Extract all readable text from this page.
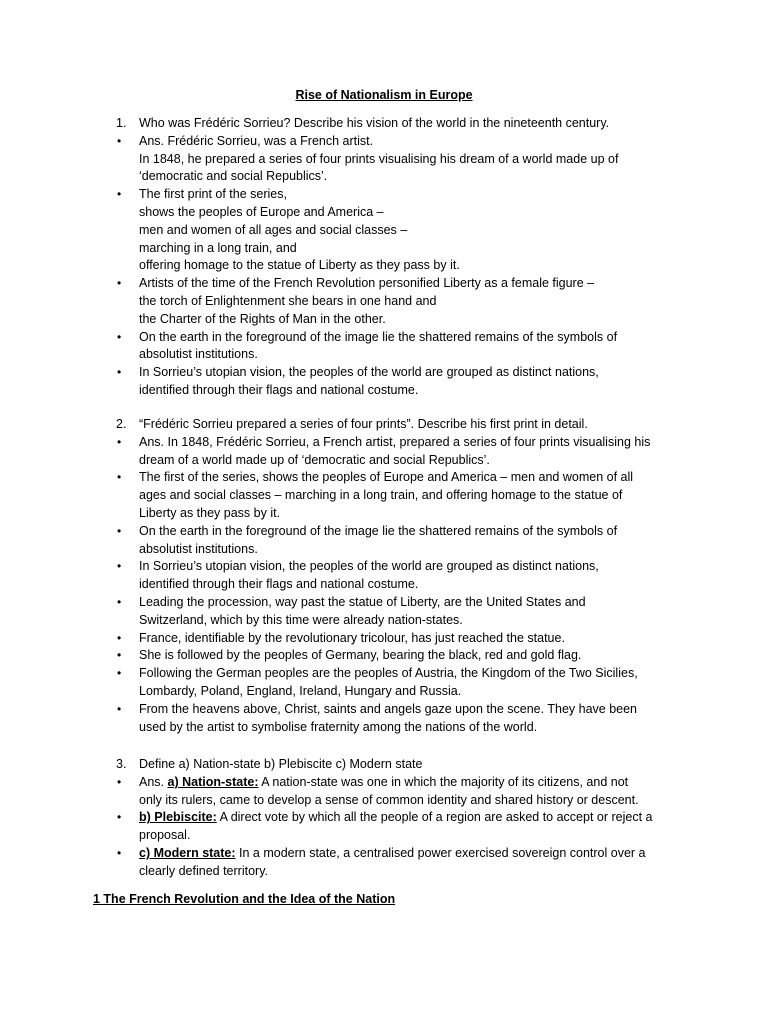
Rise of Nationalism in Europe
1. Who was Frédéric Sorrieu? Describe his vision of the world in the nineteenth century.
• Ans. Frédéric Sorrieu, was a French artist.
In 1848, he prepared a series of four prints visualising his dream of a world made up of
‘democratic and social Republics’.
• The first print of the series,
shows the peoples of Europe and America –
men and women of all ages and social classes –
marching in a long train, and
offering homage to the statue of Liberty as they pass by it.
• Artists of the time of the French Revolution personified Liberty as a female figure –
the torch of Enlightenment she bears in one hand and
the Charter of the Rights of Man in the other.
• On the earth in the foreground of the image lie the shattered remains of the symbols of
absolutist institutions.
• In Sorrieu’s utopian vision, the peoples of the world are grouped as distinct nations,
identified through their flags and national costume.
2. “Frédéric Sorrieu prepared a series of four prints”. Describe his first print in detail.
• Ans. In 1848, Frédéric Sorrieu, a French artist, prepared a series of four prints visualising his
dream of a world made up of ‘democratic and social Republics’.
• The first of the series, shows the peoples of Europe and America – men and women of all
ages and social classes – marching in a long train, and offering homage to the statue of
Liberty as they pass by it.
• On the earth in the foreground of the image lie the shattered remains of the symbols of
absolutist institutions.
• In Sorrieu’s utopian vision, the peoples of the world are grouped as distinct nations,
identified through their flags and national costume.
• Leading the procession, way past the statue of Liberty, are the United States and
Switzerland, which by this time were already nation-states.
• France, identifiable by the revolutionary tricolour, has just reached the statue.
• She is followed by the peoples of Germany, bearing the black, red and gold flag.
• Following the German peoples are the peoples of Austria, the Kingdom of the Two Sicilies,
Lombardy, Poland, England, Ireland, Hungary and Russia.
• From the heavens above, Christ, saints and angels gaze upon the scene. They have been
used by the artist to symbolise fraternity among the nations of the world.
3. Define a) Nation-state b) Plebiscite c) Modern state
• Ans. a) Nation-state: A nation-state was one in which the majority of its citizens, and not
only its rulers, came to develop a sense of common identity and shared history or descent.
• b) Plebiscite: A direct vote by which all the people of a region are asked to accept or reject a
proposal.
• c) Modern state: In a modern state, a centralised power exercised sovereign control over a
clearly defined territory.
1 The French Revolution and the Idea of the Nation
